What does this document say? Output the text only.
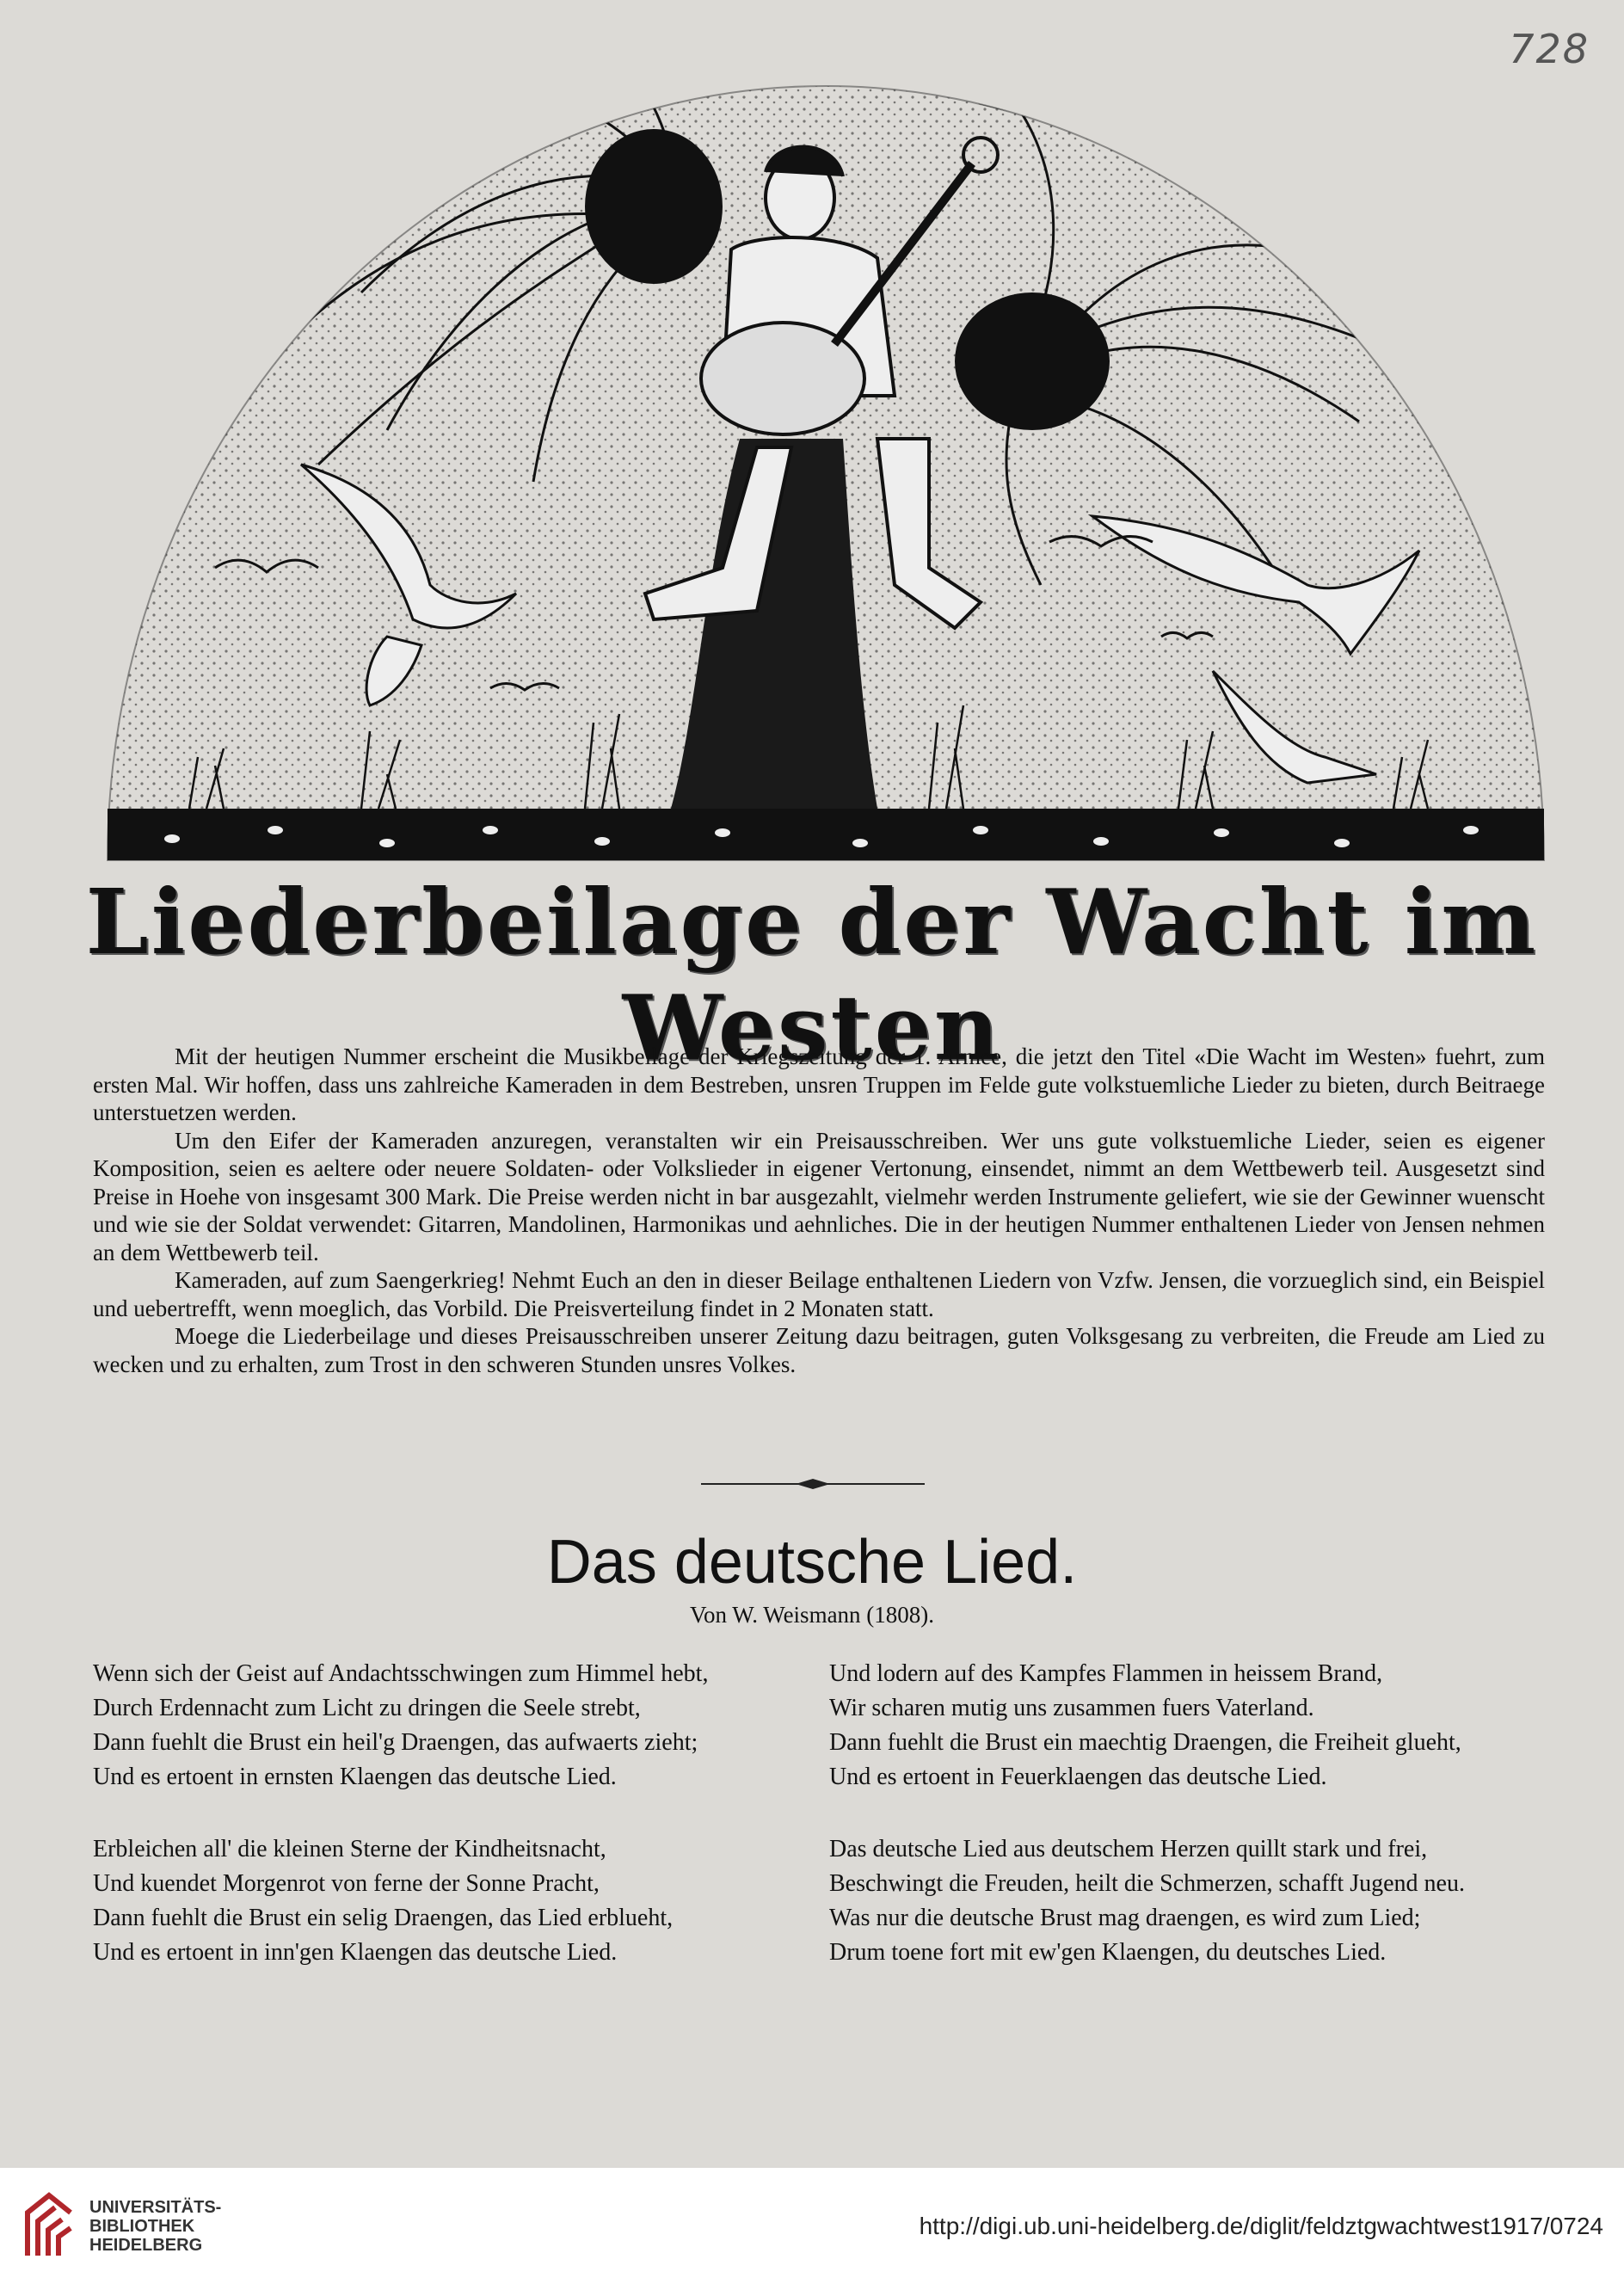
728
Liederbeilage der Wacht im Westen

Mit der heutigen Nummer erscheint die Musikbeilage der Kriegszeitung der 1. Armee, die jetzt den Titel «Die Wacht im Westen» fuehrt, zum ersten Mal. Wir hoffen, dass uns zahlreiche Kameraden in dem Bestreben, unsren Truppen im Felde gute volkstuemliche Lieder zu bieten, durch Beitraege unterstuetzen werden.

Um den Eifer der Kameraden anzuregen, veranstalten wir ein Preisausschreiben. Wer uns gute volkstuemliche Lieder, seien es eigener Komposition, seien es aeltere oder neuere Soldaten- oder Volkslieder in eigener Vertonung, einsendet, nimmt an dem Wettbewerb teil. Ausgesetzt sind Preise in Hoehe von insgesamt 300 Mark. Die Preise werden nicht in bar ausgezahlt, vielmehr werden Instrumente geliefert, wie sie der Gewinner wuenscht und wie sie der Soldat verwendet: Gitarren, Mandolinen, Harmonikas und aehnliches. Die in der heutigen Nummer enthaltenen Lieder von Jensen nehmen an dem Wettbewerb teil.

Kameraden, auf zum Saengerkrieg! Nehmt Euch an den in dieser Beilage enthaltenen Liedern von Vzfw. Jensen, die vorzueglich sind, ein Beispiel und uebertrefft, wenn moeglich, das Vorbild. Die Preisverteilung findet in 2 Monaten statt.

Moege die Liederbeilage und dieses Preisausschreiben unserer Zeitung dazu beitragen, guten Volksgesang zu verbreiten, die Freude am Lied zu wecken und zu erhalten, zum Trost in den schweren Stunden unsres Volkes.

Das deutsche Lied.
Von W. Weismann (1808).
Wenn sich der Geist auf Andachtsschwingen zum Himmel hebt,
Durch Erdennacht zum Licht zu dringen die Seele strebt,
Dann fuehlt die Brust ein heil'g Draengen, das aufwaerts zieht;
Und es ertoent in ernsten Klaengen das deutsche Lied.
Und lodern auf des Kampfes Flammen in heissem Brand,
Wir scharen mutig uns zusammen fuers Vaterland.
Dann fuehlt die Brust ein maechtig Draengen, die Freiheit glueht,
Und es ertoent in Feuerklaengen das deutsche Lied.
Erbleichen all' die kleinen Sterne der Kindheitsnacht,
Und kuendet Morgenrot von ferne der Sonne Pracht,
Dann fuehlt die Brust ein selig Draengen, das Lied erblueht,
Und es ertoent in inn'gen Klaengen das deutsche Lied.
Das deutsche Lied aus deutschem Herzen quillt stark und frei,
Beschwingt die Freuden, heilt die Schmerzen, schafft Jugend neu.
Was nur die deutsche Brust mag draengen, es wird zum Lied;
Drum toene fort mit ew'gen Klaengen, du deutsches Lied.
UNIVERSITÄTS-
BIBLIOTHEK
HEIDELBERG
http://digi.ub.uni-heidelberg.de/diglit/feldztgwachtwest1917/0724
